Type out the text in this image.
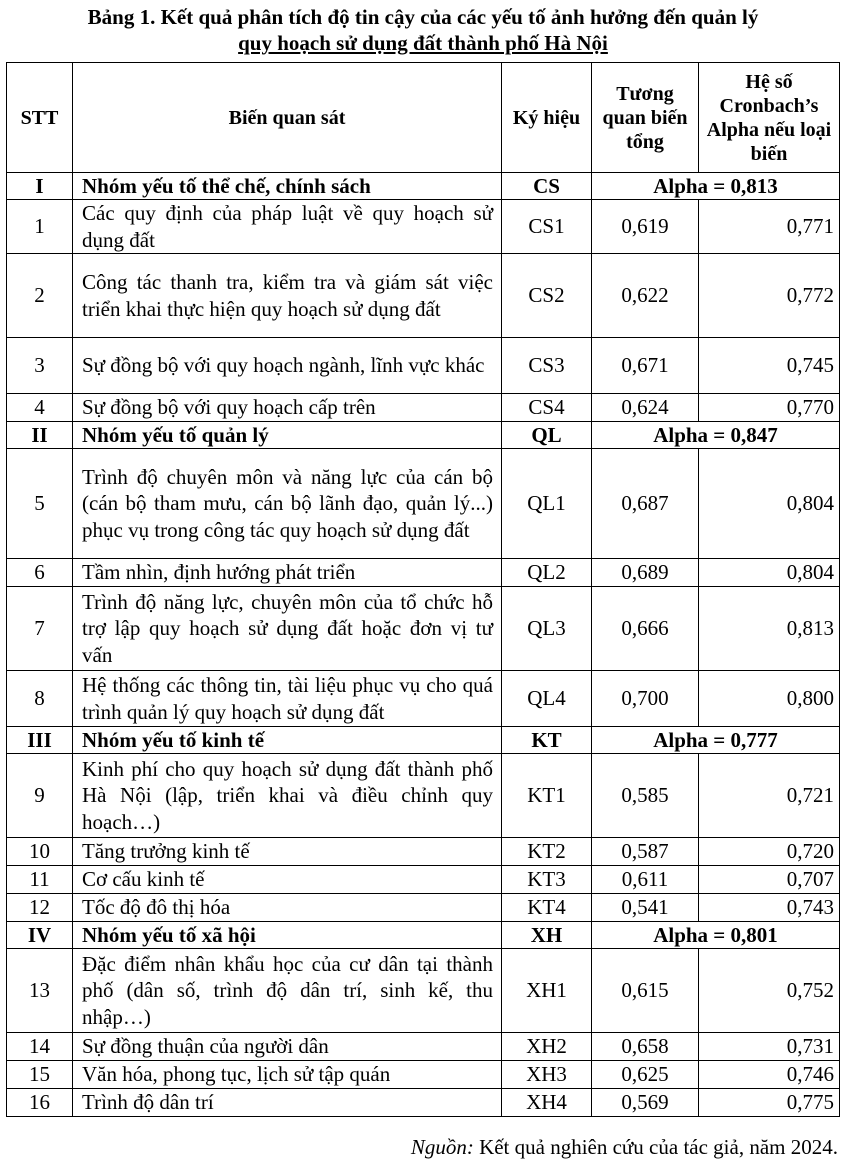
Bảng 1. Kết quả phân tích độ tin cậy của các yếu tố ảnh hưởng đến quản lý
quy hoạch sử dụng đất thành phố Hà Nội
STT	Biến quan sát	Ký hiệu	Tương quan biến tổng	Hệ số Cronbach’s Alpha nếu loại biến
I	Nhóm yếu tố thể chế, chính sách	CS	Alpha = 0,813	
1	Các quy định của pháp luật về quy hoạch sử dụng đất	CS1	0,619	0,771
2	Công tác thanh tra, kiểm tra và giám sát việc triển khai thực hiện quy hoạch sử dụng đất	CS2	0,622	0,772
3	Sự đồng bộ với quy hoạch ngành, lĩnh vực khác	CS3	0,671	0,745
4	Sự đồng bộ với quy hoạch cấp trên	CS4	0,624	0,770
II	Nhóm yếu tố quản lý	QL	Alpha = 0,847	
5	Trình độ chuyên môn và năng lực của cán bộ (cán bộ tham mưu, cán bộ lãnh đạo, quản lý...) phục vụ trong công tác quy hoạch sử dụng đất	QL1	0,687	0,804
6	Tầm nhìn, định hướng phát triển	QL2	0,689	0,804
7	Trình độ năng lực, chuyên môn của tổ chức hỗ trợ lập quy hoạch sử dụng đất hoặc đơn vị tư vấn	QL3	0,666	0,813
8	Hệ thống các thông tin, tài liệu phục vụ cho quá trình quản lý quy hoạch sử dụng đất	QL4	0,700	0,800
III	Nhóm yếu tố kinh tế	KT	Alpha = 0,777	
9	Kinh phí cho quy hoạch sử dụng đất thành phố Hà Nội (lập, triển khai và điều chỉnh quy hoạch…)	KT1	0,585	0,721
10	Tăng trưởng kinh tế	KT2	0,587	0,720
11	Cơ cấu kinh tế	KT3	0,611	0,707
12	Tốc độ đô thị hóa	KT4	0,541	0,743
IV	Nhóm yếu tố xã hội	XH	Alpha = 0,801	
13	Đặc điểm nhân khẩu học của cư dân tại thành phố (dân số, trình độ dân trí, sinh kế, thu nhập…)	XH1	0,615	0,752
14	Sự đồng thuận của người dân	XH2	0,658	0,731
15	Văn hóa, phong tục, lịch sử tập quán	XH3	0,625	0,746
16	Trình độ dân trí	XH4	0,569	0,775
Nguồn: Kết quả nghiên cứu của tác giả, năm 2024.
